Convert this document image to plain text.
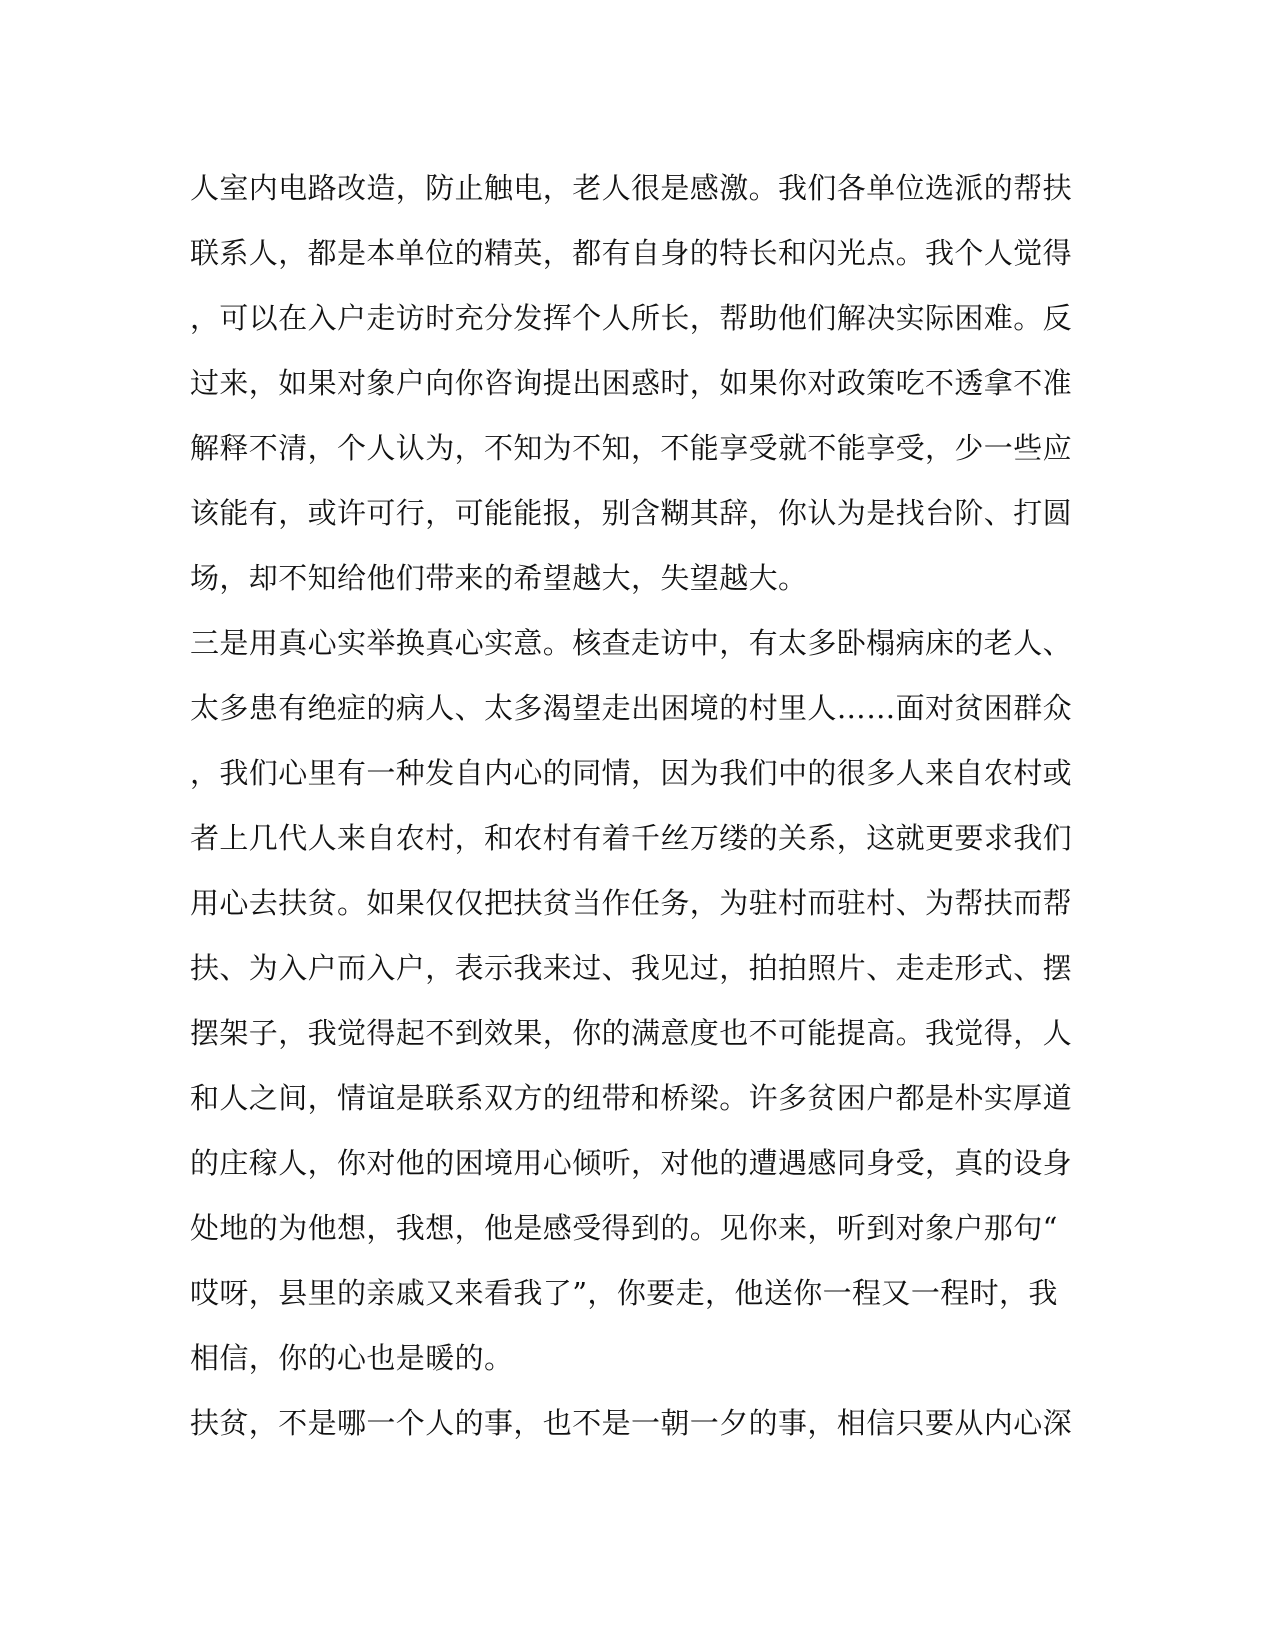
人室内电路改造，防止触电，老人很是感激。我们各单位选派的帮扶
联系人，都是本单位的精英，都有自身的特长和闪光点。我个人觉得
，可以在入户走访时充分发挥个人所长，帮助他们解决实际困难。反
过来，如果对象户向你咨询提出困惑时，如果你对政策吃不透拿不准
解释不清，个人认为，不知为不知，不能享受就不能享受，少一些应
该能有，或许可行，可能能报，别含糊其辞，你认为是找台阶、打圆
场，却不知给他们带来的希望越大，失望越大。
三是用真心实举换真心实意。核查走访中，有太多卧榻病床的老人、
太多患有绝症的病人、太多渴望走出困境的村里人……面对贫困群众
，我们心里有一种发自内心的同情，因为我们中的很多人来自农村或
者上几代人来自农村，和农村有着千丝万缕的关系，这就更要求我们
用心去扶贫。如果仅仅把扶贫当作任务，为驻村而驻村、为帮扶而帮
扶、为入户而入户，表示我来过、我见过，拍拍照片、走走形式、摆
摆架子，我觉得起不到效果，你的满意度也不可能提高。我觉得，人
和人之间，情谊是联系双方的纽带和桥梁。许多贫困户都是朴实厚道
的庄稼人，你对他的困境用心倾听，对他的遭遇感同身受，真的设身
处地的为他想，我想，他是感受得到的。见你来，听到对象户那句“
哎呀，县里的亲戚又来看我了”，你要走，他送你一程又一程时，我
相信，你的心也是暖的。
扶贫，不是哪一个人的事，也不是一朝一夕的事，相信只要从内心深
